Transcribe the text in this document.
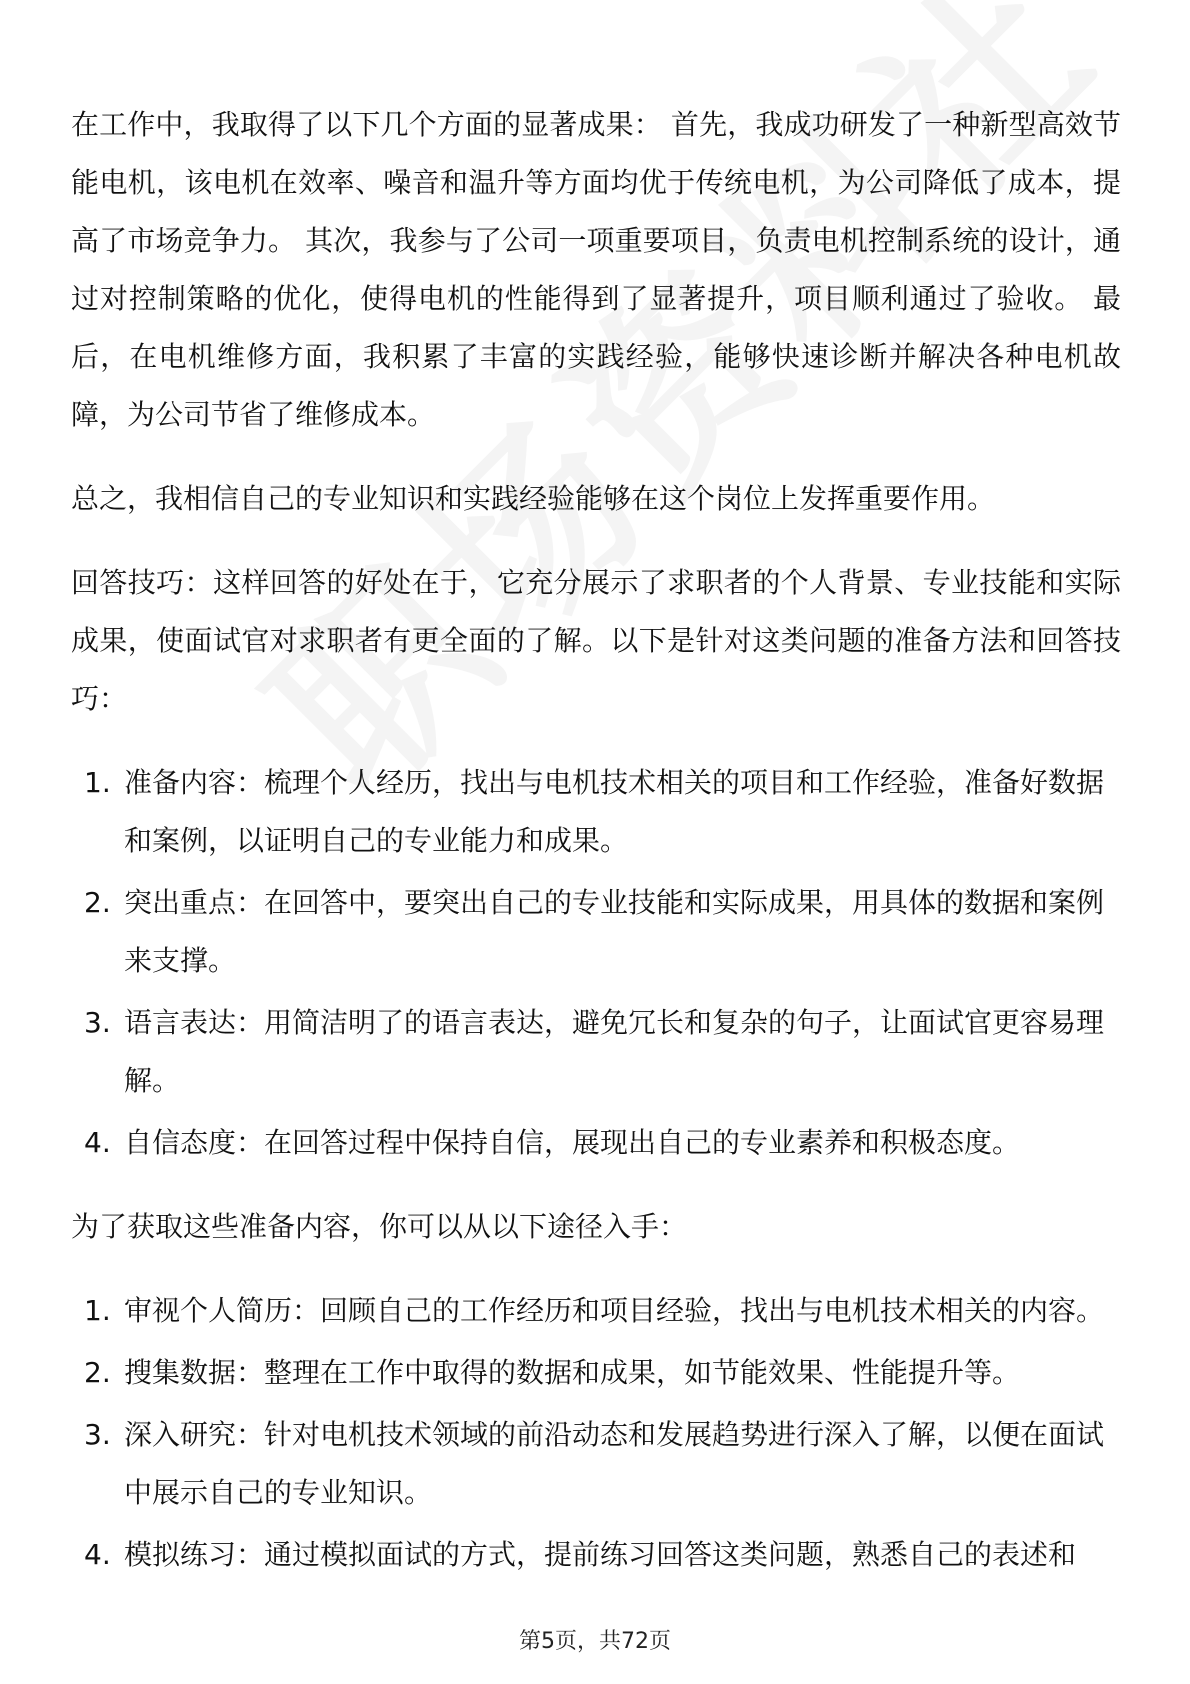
在工作中，我取得了以下几个方面的显著成果： 首先，我成功研发了一种新型高效节能电机，该电机在效率、噪音和温升等方面均优于传统电机，为公司降低了成本，提高了市场竞争力。 其次，我参与了公司一项重要项目，负责电机控制系统的设计，通过对控制策略的优化，使得电机的性能得到了显著提升，项目顺利通过了验收。 最后，在电机维修方面，我积累了丰富的实践经验，能够快速诊断并解决各种电机故障，为公司节省了维修成本。

总之，我相信自己的专业知识和实践经验能够在这个岗位上发挥重要作用。

回答技巧：这样回答的好处在于，它充分展示了求职者的个人背景、专业技能和实际成果，使面试官对求职者有更全面的了解。以下是针对这类问题的准备方法和回答技巧：

1. 准备内容：梳理个人经历，找出与电机技术相关的项目和工作经验，准备好数据和案例，以证明自己的专业能力和成果。
2. 突出重点：在回答中，要突出自己的专业技能和实际成果，用具体的数据和案例来支撑。
3. 语言表达：用简洁明了的语言表达，避免冗长和复杂的句子，让面试官更容易理解。
4. 自信态度：在回答过程中保持自信，展现出自己的专业素养和积极态度。

为了获取这些准备内容，你可以从以下途径入手：

1. 审视个人简历：回顾自己的工作经历和项目经验，找出与电机技术相关的内容。
2. 搜集数据：整理在工作中取得的数据和成果，如节能效果、性能提升等。
3. 深入研究：针对电机技术领域的前沿动态和发展趋势进行深入了解，以便在面试中展示自己的专业知识。
4. 模拟练习：通过模拟面试的方式，提前练习回答这类问题，熟悉自己的表述和
第5页，共72页
